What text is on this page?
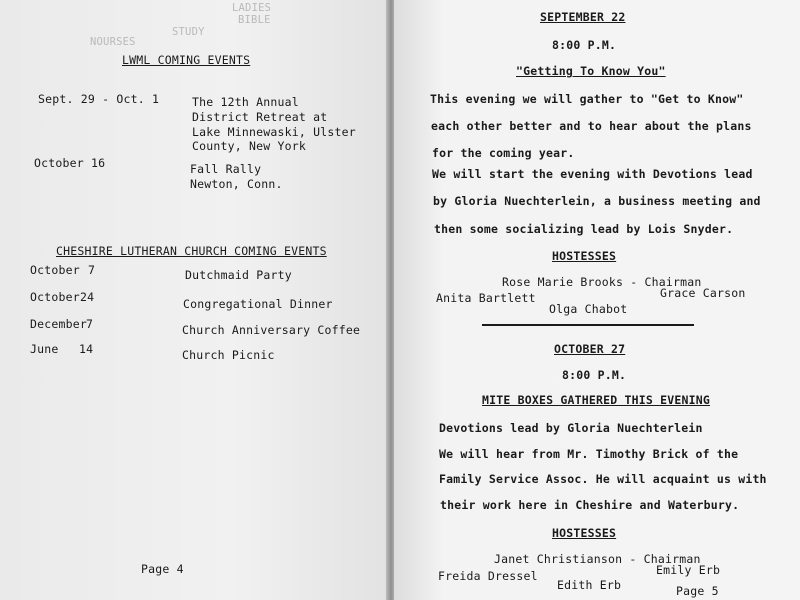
LADIES
BIBLE
STUDY
NOURSES
LWML COMING EVENTS
Sept. 29 - Oct. 1	The 12th Annual
District Retreat at
Lake Minnewaski, Ulster
County, New York
October 16	Fall Rally
Newton, Conn.
CHESHIRE LUTHERAN CHURCH COMING EVENTS
October 7	Dutchmaid Party
October 24	Congregational Dinner
December 7	Church Anniversary Coffee
June 14	Church Picnic
Page 4
SEPTEMBER 22
8:00 P.M.
"Getting To Know You"
This evening we will gather to "Get to Know"
each other better and to hear about the plans
for the coming year.
We will start the evening with Devotions lead
by Gloria Nuechterlein, a business meeting and
then some socializing lead by Lois Snyder.
HOSTESSES
Rose Marie Brooks - Chairman
Anita Bartlett	Grace Carson
Olga Chabot
OCTOBER 27
8:00 P.M.
MITE BOXES GATHERED THIS EVENING
Devotions lead by Gloria Nuechterlein
We will hear from Mr. Timothy Brick of the
Family Service Assoc. He will acquaint us with
their work here in Cheshire and Waterbury.
HOSTESSES
Janet Christianson - Chairman
Freida Dressel	Emily Erb
Edith Erb	Page 5
